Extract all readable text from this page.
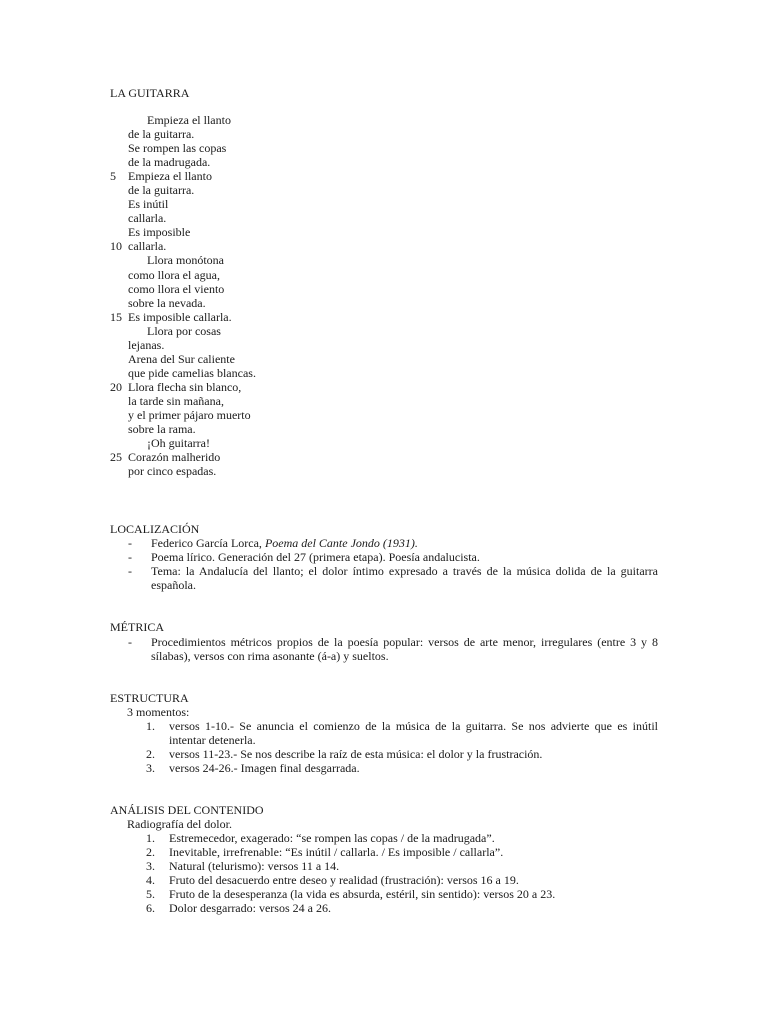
LA GUITARRA
Empieza el llanto
de la guitarra.
Se rompen las copas
de la madrugada.
5	Empieza el llanto
de la guitarra.
Es inútil
callarla.
Es imposible
10 callarla.
Llora monótona
como llora el agua,
como llora el viento
sobre la nevada.
15 Es imposible callarla.
Llora por cosas
lejanas.
Arena del Sur caliente
que pide camelias blancas.
20 Llora flecha sin blanco,
la tarde sin mañana,
y el primer pájaro muerto
sobre la rama.
¡Oh guitarra!
25 Corazón malherido
por cinco espadas.
LOCALIZACIÓN
- Federico García Lorca, Poema del Cante Jondo (1931).
- Poema lírico. Generación del 27 (primera etapa). Poesía andalucista.
- Tema: la Andalucía del llanto; el dolor íntimo expresado a través de la música dolida de la guitarra española.
MÉTRICA
- Procedimientos métricos propios de la poesía popular: versos de arte menor, irregulares (entre 3 y 8 sílabas), versos con rima asonante (á-a) y sueltos.
ESTRUCTURA

3 momentos:

1. versos 1-10.- Se anuncia el comienzo de la música de la guitarra. Se nos advierte que es inútil intentar detenerla.
2. versos 11-23.- Se nos describe la raíz de esta música: el dolor y la frustración.
3. versos 24-26.- Imagen final desgarrada.
ANÁLISIS DEL CONTENIDO

Radiografía del dolor.

1. Estremecedor, exagerado: “se rompen las copas / de la madrugada”.
2. Inevitable, irrefrenable: “Es inútil / callarla. / Es imposible / callarla”.
3. Natural (telurismo): versos 11 a 14.
4. Fruto del desacuerdo entre deseo y realidad (frustración): versos 16 a 19.
5. Fruto de la desesperanza (la vida es absurda, estéril, sin sentido): versos 20 a 23.
6. Dolor desgarrado: versos 24 a 26.
